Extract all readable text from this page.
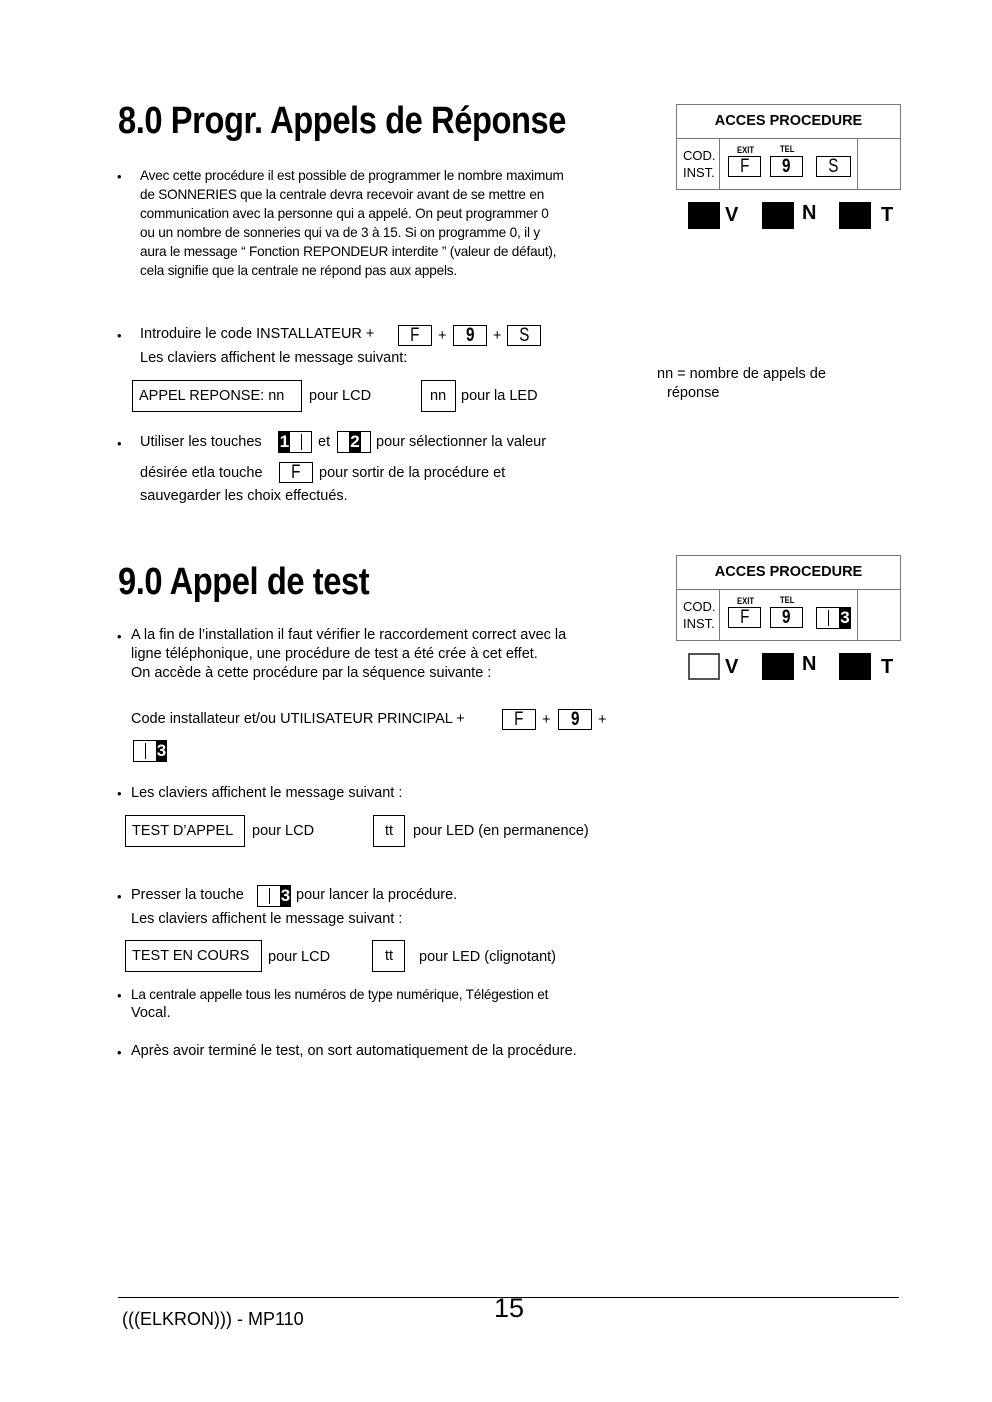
8.0 Progr. Appels de Réponse
• Avec cette procédure il est possible de programmer le nombre maximum
de SONNERIES que la centrale devra recevoir avant de se mettre en
communication avec la personne qui a appelé. On peut programmer 0
ou un nombre de sonneries qui va de 3 à 15. Si on programme 0, il y
aura le message “ Fonction REPONDEUR interdite ” (valeur de défaut),
cela signifie que la centrale ne répond pas aux appels.
• Introduire le code INSTALLATEUR +	F	+	9	+ S
Les claviers affichent le message suivant:
APPEL REPONSE: nn	pour LCD	nn	pour la LED
nn = nombre de appels de
réponse
• Utiliser les touches 1 et 2 pour sélectionner la valeur
désirée etla touche	F	pour sortir de la procédure et
sauvegarder les choix effectués.
ACCES PROCEDURE
COD.
INST.
EXIT	TEL
F	9	S
V	N	T
9.0 Appel de test
• A la fin de l’installation il faut vérifier le raccordement correct avec la
ligne téléphonique, une procédure de test a été crée à cet effet.
On accède à cette procédure par la séquence suivante :
Code installateur et/ou UTILISATEUR PRINCIPAL +	F	+	9	+
3
• Les claviers affichent le message suivant :
TEST D’APPEL	pour LCD	tt	pour LED (en permanence)
• Presser la touche 3 pour lancer la procédure.
Les claviers affichent le message suivant :
TEST EN COURS	pour LCD	tt	pour LED (clignotant)
• La centrale appelle tous les numéros de type numérique, Télégestion et
Vocal.
• Après avoir terminé le test, on sort automatiquement de la procédure.
ACCES PROCEDURE
COD.
INST.
EXIT	TEL
F	9	3
V	N	T
(((ELKRON))) - MP110	15
